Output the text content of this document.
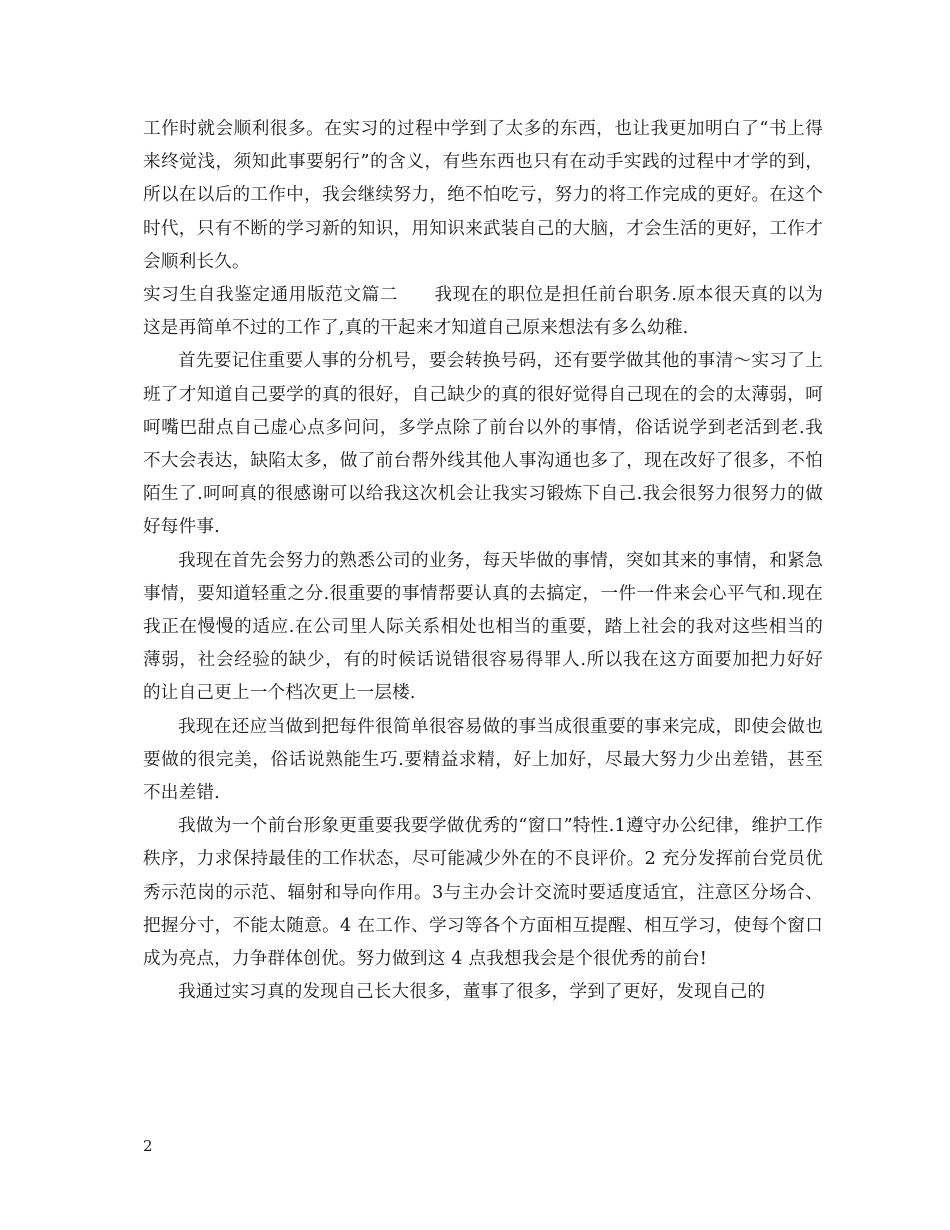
工作时就会顺利很多。在实习的过程中学到了太多的东西，也让我更加明白了“书上得来终觉浅，须知此事要躬行”的含义，有些东西也只有在动手实践的过程中才学的到，所以在以后的工作中，我会继续努力，绝不怕吃亏，努力的将工作完成的更好。在这个时代，只有不断的学习新的知识，用知识来武装自己的大脑，才会生活的更好，工作才会顺利长久。

实习生自我鉴定通用版范文篇二　　我现在的职位是担任前台职务.原本很天真的以为这是再简单不过的工作了,真的干起来才知道自己原来想法有多么幼稚.

首先要记住重要人事的分机号，要会转换号码，还有要学做其他的事清～实习了上班了才知道自己要学的真的很好，自己缺少的真的很好觉得自己现在的会的太薄弱，呵呵嘴巴甜点自己虚心点多问问，多学点除了前台以外的事情，俗话说学到老活到老.我不大会表达，缺陷太多，做了前台帮外线其他人事沟通也多了，现在改好了很多，不怕陌生了.呵呵真的很感谢可以给我这次机会让我实习锻炼下自己.我会很努力很努力的做好每件事.

我现在首先会努力的熟悉公司的业务，每天毕做的事情，突如其来的事情，和紧急事情，要知道轻重之分.很重要的事情帮要认真的去搞定，一件一件来会心平气和.现在我正在慢慢的适应.在公司里人际关系相处也相当的重要，踏上社会的我对这些相当的薄弱，社会经验的缺少，有的时候话说错很容易得罪人.所以我在这方面要加把力好好的让自己更上一个档次更上一层楼.

我现在还应当做到把每件很简单很容易做的事当成很重要的事来完成，即使会做也要做的很完美，俗话说熟能生巧.要精益求精，好上加好，尽最大努力少出差错，甚至不出差错.

我做为一个前台形象更重要我要学做优秀的“窗口”特性.1遵守办公纪律，维护工作秩序，力求保持最佳的工作状态，尽可能减少外在的不良评价。2 充分发挥前台党员优秀示范岗的示范、辐射和导向作用。3与主办会计交流时要适度适宜，注意区分场合、把握分寸，不能太随意。4 在工作、学习等各个方面相互提醒、相互学习，使每个窗口成为亮点，力争群体创优。努力做到这 4 点我想我会是个很优秀的前台!

我通过实习真的发现自己长大很多，董事了很多，学到了更好，发现自己的

2
